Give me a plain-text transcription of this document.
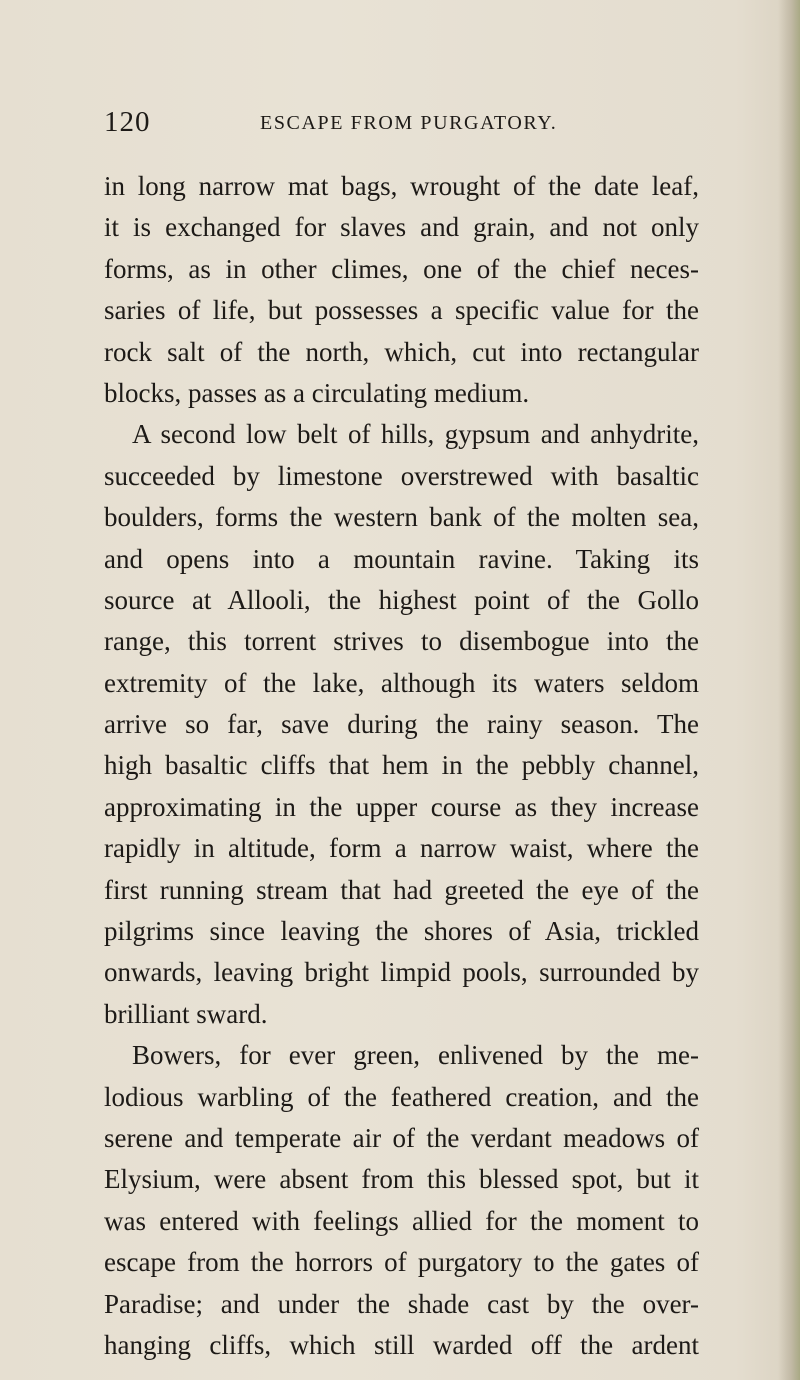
120	ESCAPE FROM PURGATORY.
in long narrow mat bags, wrought of the date leaf,
it is exchanged for slaves and grain, and not only
forms, as in other climes, one of the chief neces-
saries of life, but possesses a specific value for the
rock salt of the north, which, cut into rectangular
blocks, passes as a circulating medium.
A second low belt of hills, gypsum and anhydrite,
succeeded by limestone overstrewed with basaltic
boulders, forms the western bank of the molten sea,
and opens into a mountain ravine. Taking its
source at Allooli, the highest point of the Gollo
range, this torrent strives to disembogue into the
extremity of the lake, although its waters seldom
arrive so far, save during the rainy season. The
high basaltic cliffs that hem in the pebbly channel,
approximating in the upper course as they increase
rapidly in altitude, form a narrow waist, where the
first running stream that had greeted the eye of the
pilgrims since leaving the shores of Asia, trickled
onwards, leaving bright limpid pools, surrounded by
brilliant sward.
Bowers, for ever green, enlivened by the me-
lodious warbling of the feathered creation, and the
serene and temperate air of the verdant meadows of
Elysium, were absent from this blessed spot, but it
was entered with feelings allied for the moment to
escape from the horrors of purgatory to the gates of
Paradise; and under the shade cast by the over-
hanging cliffs, which still warded off the ardent
